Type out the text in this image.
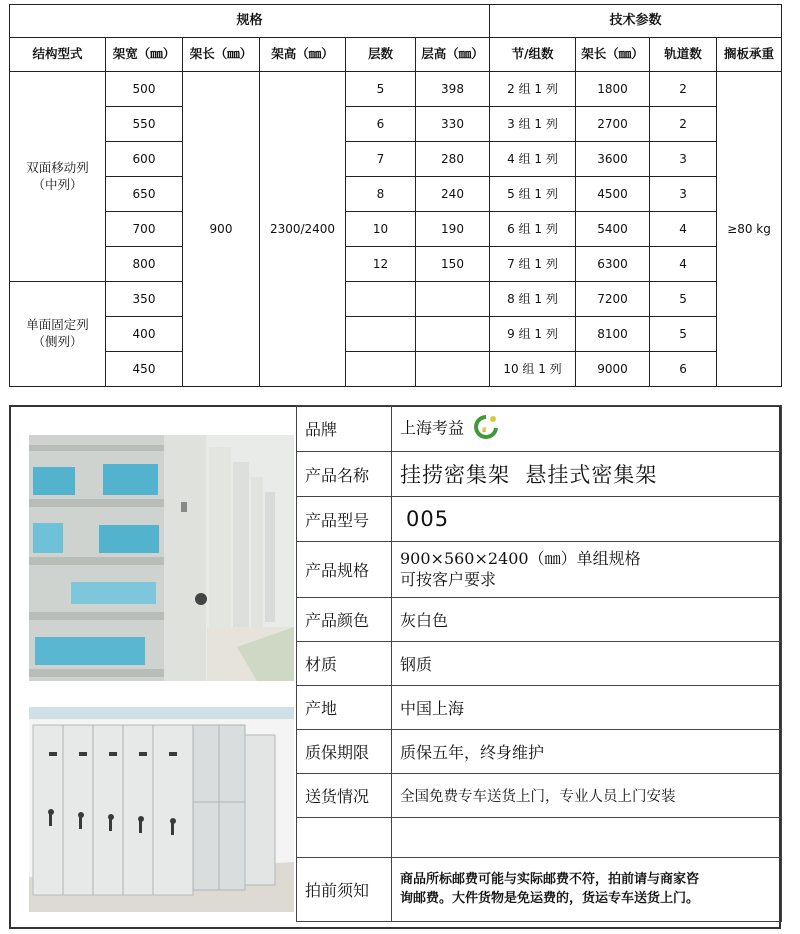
规格						技术参数			
结构型式	架宽（㎜）	架长（㎜）	架高（㎜）	层数	层高（㎜）	节/组数	架长（㎜）	轨道数	搁板承重
双面移动列
（中列）	500	900	2300/2400	5	398	2 组 1 列	1800	2	≥80 kg
	550			6	330	3 组 1 列	2700	2	
	600			7	280	4 组 1 列	3600	3	
	650			8	240	5 组 1 列	4500	3	
	700			10	190	6 组 1 列	5400	4	
	800			12	150	7 组 1 列	6300	4	
单面固定列
（侧列）	350					8 组 1 列	7200	5	
	400					9 组 1 列	8100	5	
	450					10 组 1 列	9000	6	
品牌	上海考益 ♛

产品名称	挂捞密集架  悬挂式密集架
产品型号	005
产品规格	900×560×2400（㎜）单组规格
可按客户要求

产品颜色	灰白色
材质	钢质
产地	中国上海
质保期限	质保五年，终身维护
送货情况	全国免费专车送货上门，专业人员上门安装

拍前须知	商品所标邮费可能与实际邮费不符，拍前请与商家咨
询邮费。大件货物是免运费的，货运专车送货上门。
